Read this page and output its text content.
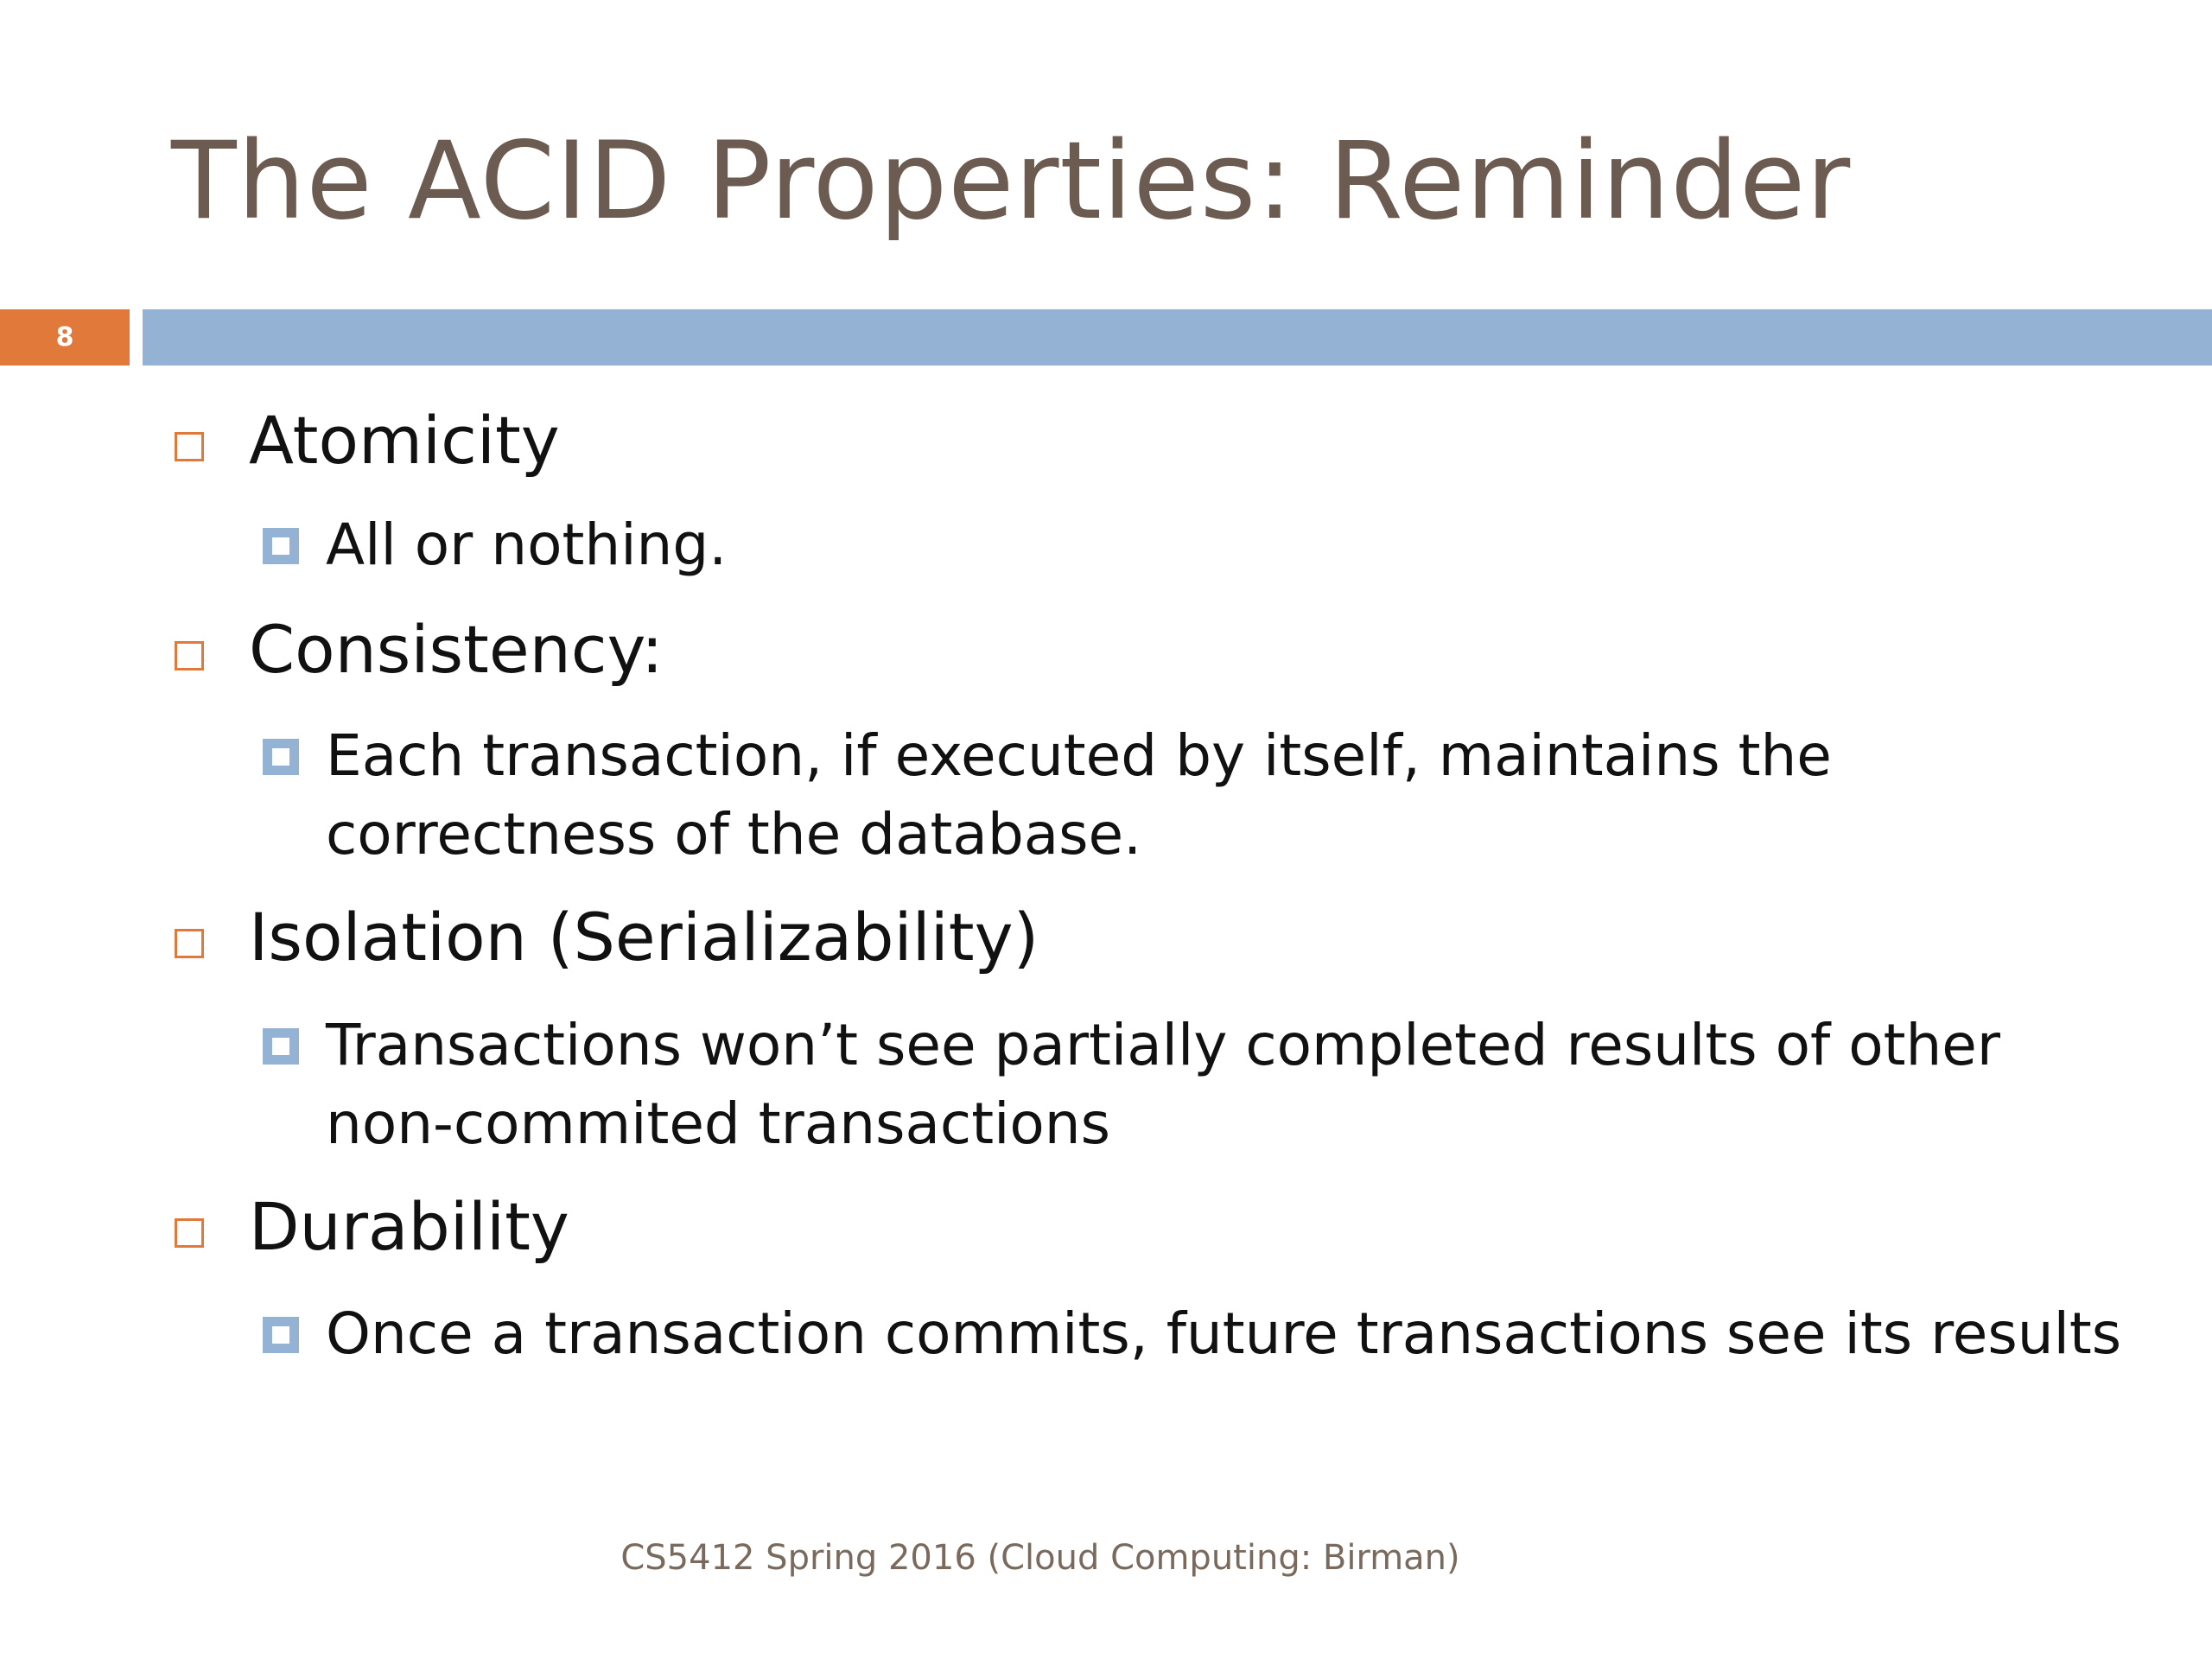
The ACID Properties: Reminder
8
Atomicity
All or nothing.
Consistency:
Each transaction, if executed by itself, maintains the
correctness of the database.
Isolation (Serializability)
Transactions won’t see partially completed results of other
non-commited transactions
Durability
Once a transaction commits, future transactions see its results
CS5412 Spring 2016 (Cloud Computing: Birman)
